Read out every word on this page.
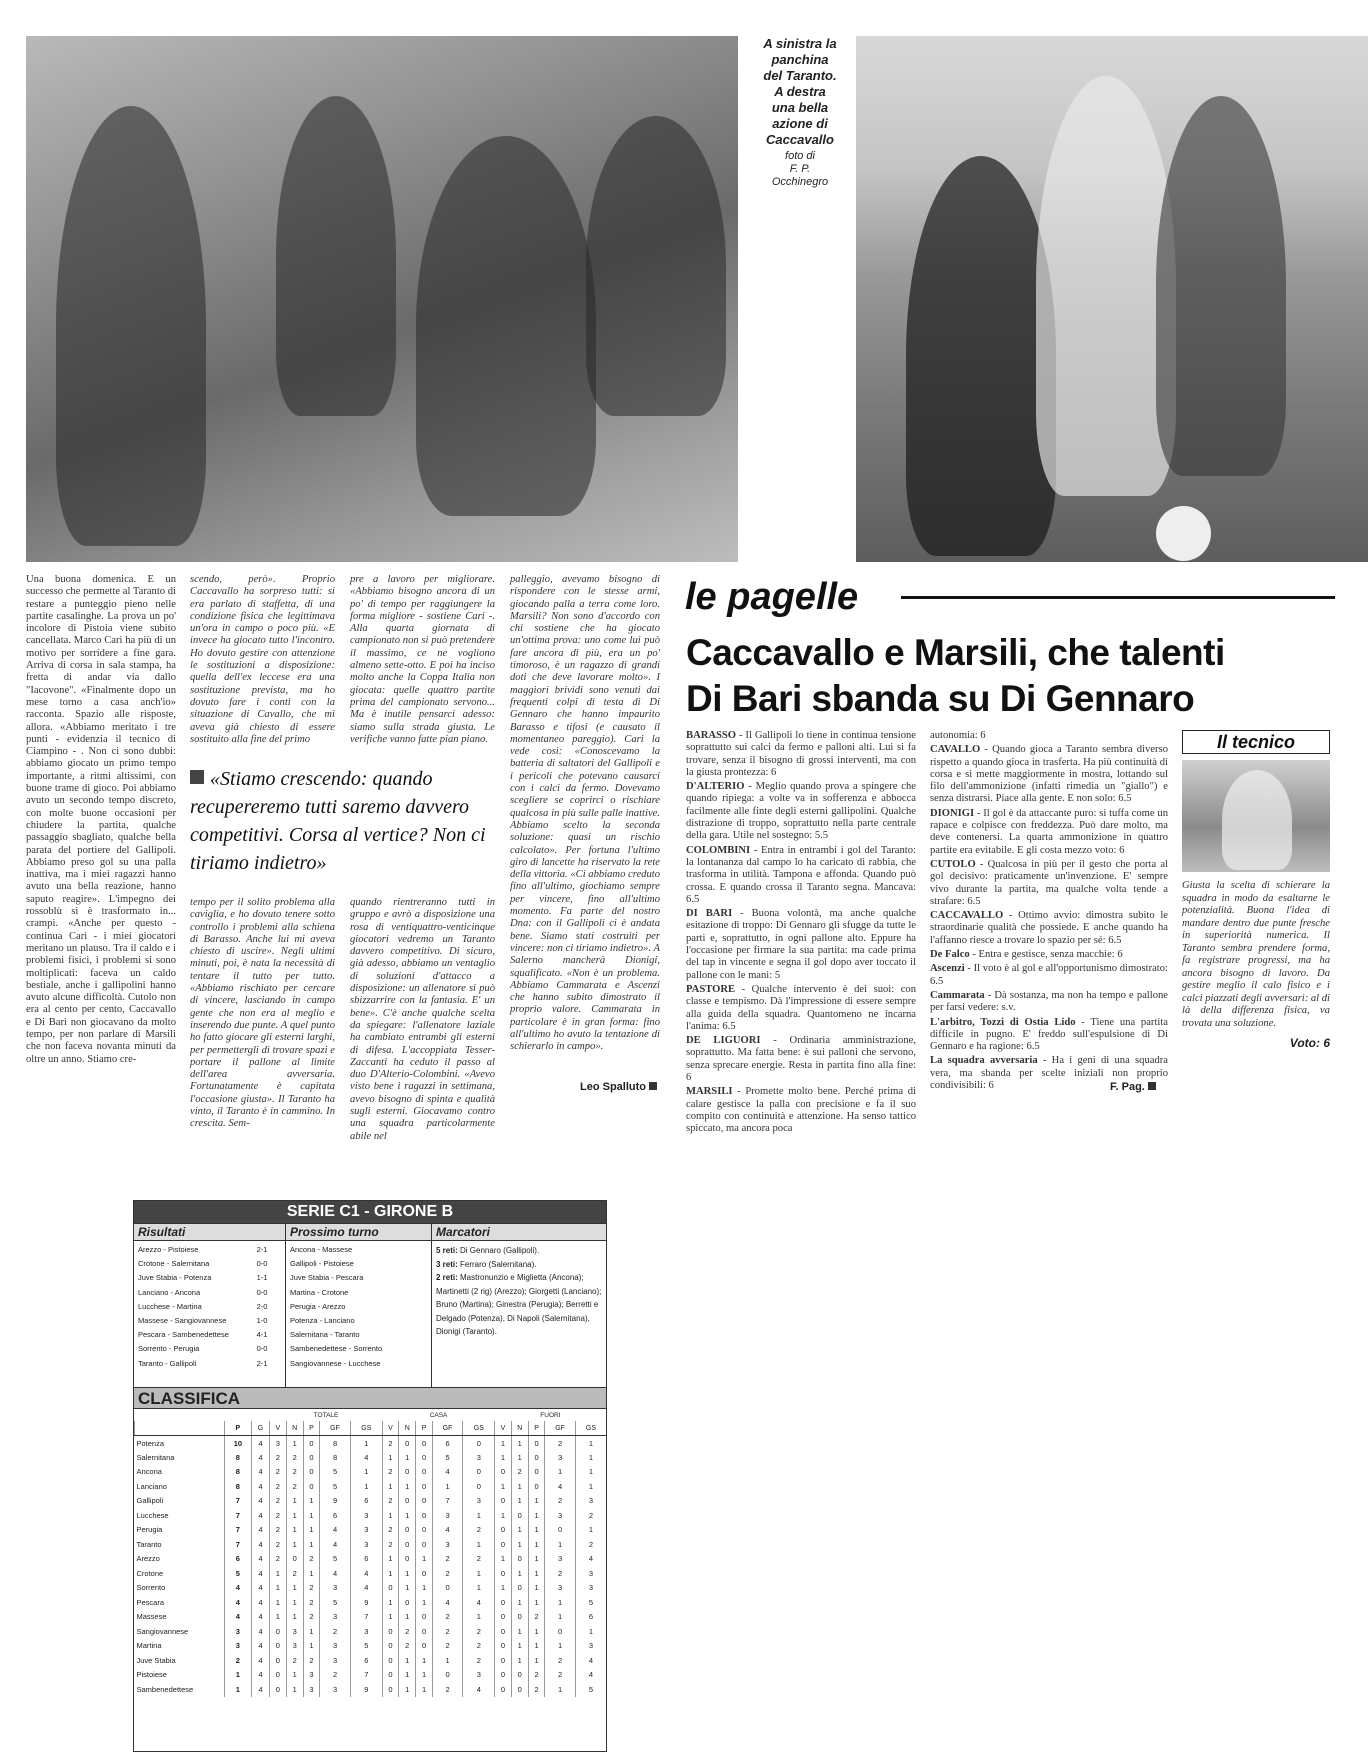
A sinistra la
panchina
del Taranto.
A destra
una bella
azione di
Caccavallo
foto di
F. P.
Occhinegro
Una buona domenica. E un successo che permette al Taranto di restare a punteggio pieno nelle partite casalinghe. La prova un po' incolore di Pistoia viene subito cancellata. Marco Cari ha più di un motivo per sorridere a fine gara. Arriva di corsa in sala stampa, ha fretta di andar via dallo "Iacovone". «Finalmente dopo un mese torno a casa anch'io» racconta. Spazio alle risposte, allora. «Abbiamo meritato i tre punti - evidenzia il tecnico di Ciampino - . Non ci sono dubbi: abbiamo giocato un primo tempo importante, a ritmi altissimi, con buone trame di gioco. Poi abbiamo avuto un secondo tempo discreto, con molte buone occasioni per chiudere la partita, qualche passaggio sbagliato, qualche bella parata del portiere del Gallipoli. Abbiamo preso gol su una palla inattiva, ma i miei ragazzi hanno avuto una bella reazione, hanno saputo reagire». L'impegno dei rossoblù si è trasformato in... crampi. «Anche per questo - continua Cari - i miei giocatori meritano un plauso. Tra il caldo e i problemi fisici, i problemi si sono moltiplicati: faceva un caldo bestiale, anche i gallipolini hanno avuto alcune difficoltà. Cutolo non era al cento per cento, Caccavallo e Di Bari non giocavano da molto tempo, per non parlare di Marsili che non faceva novanta minuti da oltre un anno. Stiamo cre-
scendo, però». Proprio Caccavallo ha sorpreso tutti: si era parlato di staffetta, di una condizione fisica che legittimava un'ora in campo o poco più. «E invece ha giocato tutto l'incontro. Ho dovuto gestire con attenzione le sostituzioni a disposizione: quella dell'ex leccese era una sostituzione prevista, ma ho dovuto fare i conti con la situazione di Cavallo, che mi aveva già chiesto di essere sostituito alla fine del primo
pre a lavoro per migliorare. «Abbiamo bisogno ancora di un po' di tempo per raggiungere la forma migliore - sostiene Cari -. Alla quarta giornata di campionato non si può pretendere il massimo, ce ne vogliono almeno sette-otto. E poi ha inciso molto anche la Coppa Italia non giocata: quelle quattro partite prima del campionato servono... Ma è inutile pensarci adesso: siamo sulla strada giusta. Le verifiche vanno fatte pian piano.
palleggio, avevamo bisogno di rispondere con le stesse armi, giocando palla a terra come loro. Marsili? Non sono d'accordo con chi sostiene che ha giocato un'ottima prova: uno come lui può fare ancora di più, era un po' timoroso, è un ragazzo di grandi doti che deve lavorare molto». I maggiori brividi sono venuti dai frequenti colpi di testa di Di Gennaro che hanno impaurito Barasso e tifosi (e causato il momentaneo pareggio). Cari la vede così: «Conoscevamo la batteria di saltatori del Gallipoli e i pericoli che potevano causarci con i calci da fermo. Dovevamo scegliere se coprirci o rischiare qualcosa in più sulle palle inattive. Abbiamo scelto la seconda soluzione: quasi un rischio calcolato». Per fortuna l'ultimo giro di lancette ha riservato la rete della vittoria. «Ci abbiamo creduto fino all'ultimo, giochiamo sempre per vincere, fino all'ultimo momento. Fa parte del nostro Dna: con il Gallipoli ci è andata bene. Siamo stati costruiti per vincere: non ci tiriamo indietro». A Salerno mancherà Dionigi, squalificato. «Non è un problema. Abbiamo Cammarata e Ascenzi che hanno subito dimostrato il proprio valore. Cammarata in particolare è in gran forma: fino all'ultimo ho avuto la tentazione di schierarlo in campo».
«Stiamo crescendo: quando recupereremo tutti saremo davvero competitivi. Corsa al vertice? Non ci tiriamo indietro»
tempo per il solito problema alla caviglia, e ho dovuto tenere sotto controllo i problemi alla schiena di Barasso. Anche lui mi aveva chiesto di uscire». Negli ultimi minuti, poi, è nata la necessità di tentare il tutto per tutto. «Abbiamo rischiato per cercare di vincere, lasciando in campo gente che non era al meglio e inserendo due punte. A quel punto ho fatto giocare gli esterni larghi, per permettergli di trovare spazi e portare il pallone al limite dell'area avversaria. Fortunatamente è capitata l'occasione giusta». Il Taranto ha vinto, il Taranto è in cammino. In crescita. Sem-
quando rientreranno tutti in gruppo e avrò a disposizione una rosa di ventiquattro-venticinque giocatori vedremo un Taranto davvero competitivo. Di sicuro, già adesso, abbiamo un ventaglio di soluzioni d'attacco a disposizione: un allenatore si può sbizzarrire con la fantasia. E' un bene». C'è anche qualche scelta da spiegare: l'allenatore laziale ha cambiato entrambi gli esterni di difesa. L'accoppiata Tesser-Zaccanti ha ceduto il passo al duo D'Alterio-Colombini. «Avevo visto bene i ragazzi in settimana, avevo bisogno di spinta e qualità sugli esterni. Giocavamo contro una squadra particolarmente abile nel
Leo Spalluto
le pagelle
Caccavallo e Marsili, che talenti
Di Bari sbanda su Di Gennaro

BARASSO - Il Gallipoli lo tiene in continua tensione soprattutto sui calci da fermo e palloni alti. Lui si fa trovare, senza il bisogno di grossi interventi, ma con la giusta prontezza: 6

D'ALTERIO - Meglio quando prova a spingere che quando ripiega: a volte va in sofferenza e abbocca facilmente alle finte degli esterni gallipolini. Qualche distrazione di troppo, soprattutto nella parte centrale della gara. Utile nel sostegno: 5.5

COLOMBINI - Entra in entrambi i gol del Taranto: la lontananza dal campo lo ha caricato di rabbia, che trasforma in utilità. Tampona e affonda. Quando può crossa. E quando crossa il Taranto segna. Mancava: 6.5

DI BARI - Buona volontà, ma anche qualche esitazione di troppo: Di Gennaro gli sfugge da tutte le parti e, soprattutto, in ogni pallone alto. Eppure ha l'occasione per firmare la sua partita: ma cade prima del tap in vincente e segna il gol dopo aver toccato il pallone con le mani: 5

PASTORE - Qualche intervento è dei suoi: con classe e tempismo. Dà l'impressione di essere sempre alla guida della squadra. Quantomeno ne incarna l'anima: 6.5

DE LIGUORI - Ordinaria amministrazione, soprattutto. Ma fatta bene: è sui palloni che servono, senza sprecare energie. Resta in partita fino alla fine: 6

MARSILI - Promette molto bene. Perché prima di calare gestisce la palla con precisione e fa il suo compito con continuità e attenzione. Ha senso tattico spiccato, ma ancora poca

autonomia: 6

CAVALLO - Quando gioca a Taranto sembra diverso rispetto a quando gioca in trasferta. Ha più continuità di corsa e si mette maggiormente in mostra, lottando sul filo dell'ammonizione (infatti rimedia un "giallo") e senza distrarsi. Piace alla gente. E non solo: 6.5

DIONIGI - Il gol è da attaccante puro: si tuffa come un rapace e colpisce con freddezza. Può dare molto, ma deve contenersi. La quarta ammonizione in quattro partite era evitabile. E gli costa mezzo voto: 6

CUTOLO - Qualcosa in più per il gesto che porta al gol decisivo: praticamente un'invenzione. E' sempre vivo durante la partita, ma qualche volta tende a strafare: 6.5

CACCAVALLO - Ottimo avvio: dimostra subito le straordinarie qualità che possiede. E anche quando ha l'affanno riesce a trovare lo spazio per sé: 6.5

De Falco - Entra e gestisce, senza macchie: 6

Ascenzi - Il voto è al gol e all'opportunismo dimostrato: 6.5

Cammarata - Dà sostanza, ma non ha tempo e pallone per farsi vedere: s.v.

L'arbitro, Tozzi di Ostia Lido - Tiene una partita difficile in pugno. E' freddo sull'espulsione di Di Gennaro e ha ragione: 6.5

La squadra avversaria - Ha i geni di una squadra vera, ma sbanda per scelte iniziali non proprio condivisibili: 6	F. Pag.
Il tecnico
Giusta la scelta di schierare la squadra in modo da esaltarne le potenzialità. Buona l'idea di mandare dentro due punte fresche in superiorità numerica. Il Taranto sembra prendere forma, fa registrare progressi, ma ha ancora bisogno di lavoro. Da gestire meglio il calo fisico e i calci piazzati degli avversari: al di là della differenza fisica, va trovata una soluzione.
Voto: 6
SERIE C1 - GIRONE B
Risultati
Arezzo - Pistoiese	2-1
Crotone - Salernitana	0-0
Juve Stabia - Potenza	1-1
Lanciano - Ancona	0-0
Lucchese - Martina	2-0
Massese - Sangiovannese	1-0
Pescara - Sambenedettese	4-1
Sorrento - Perugia	0-0
Taranto - Gallipoli	2-1
Prossimo turno
Ancona - Massese
Gallipoli - Pistoiese
Juve Stabia - Pescara
Martina - Crotone
Perugia - Arezzo
Potenza - Lanciano
Salernitana - Taranto
Sambenedettese - Sorrento
Sangiovannese - Lucchese
Marcatori
5 reti: Di Gennaro (Gallipoli).
3 reti: Ferraro (Salernitana).
2 reti: Mastronunzio e Miglietta (Ancona); Martinetti (2 rig) (Arezzo); Giorgetti (Lanciano); Bruno (Martina); Ginestra (Perugia); Berretti e Delgado (Potenza), Di Napoli (Salernitana), Dionigi (Taranto).
CLASSIFICA
			TOTALE					CASA					FUORI				
	P	G	V	N	P	GF	GS	V	N	P	GF	GS	V	N	P	GF	GS
Potenza	10	4	3	1	0	8	1	2	0	0	6	0	1	1	0	2	1
Salernitana	8	4	2	2	0	8	4	1	1	0	5	3	1	1	0	3	1
Ancona	8	4	2	2	0	5	1	2	0	0	4	0	0	2	0	1	1
Lanciano	8	4	2	2	0	5	1	1	1	0	1	0	1	1	0	4	1
Gallipoli	7	4	2	1	1	9	6	2	0	0	7	3	0	1	1	2	3
Lucchese	7	4	2	1	1	6	3	1	1	0	3	1	1	0	1	3	2
Perugia	7	4	2	1	1	4	3	2	0	0	4	2	0	1	1	0	1
Taranto	7	4	2	1	1	4	3	2	0	0	3	1	0	1	1	1	2
Arezzo	6	4	2	0	2	5	6	1	0	1	2	2	1	0	1	3	4
Crotone	5	4	1	2	1	4	4	1	1	0	2	1	0	1	1	2	3
Sorrento	4	4	1	1	2	3	4	0	1	1	0	1	1	0	1	3	3
Pescara	4	4	1	1	2	5	9	1	0	1	4	4	0	1	1	1	5
Massese	4	4	1	1	2	3	7	1	1	0	2	1	0	0	2	1	6
Sangiovannese	3	4	0	3	1	2	3	0	2	0	2	2	0	1	1	0	1
Martina	3	4	0	3	1	3	5	0	2	0	2	2	0	1	1	1	3
Juve Stabia	2	4	0	2	2	3	6	0	1	1	1	2	0	1	1	2	4
Pistoiese	1	4	0	1	3	2	7	0	1	1	0	3	0	0	2	2	4
Sambenedettese	1	4	0	1	3	3	9	0	1	1	2	4	0	0	2	1	5
